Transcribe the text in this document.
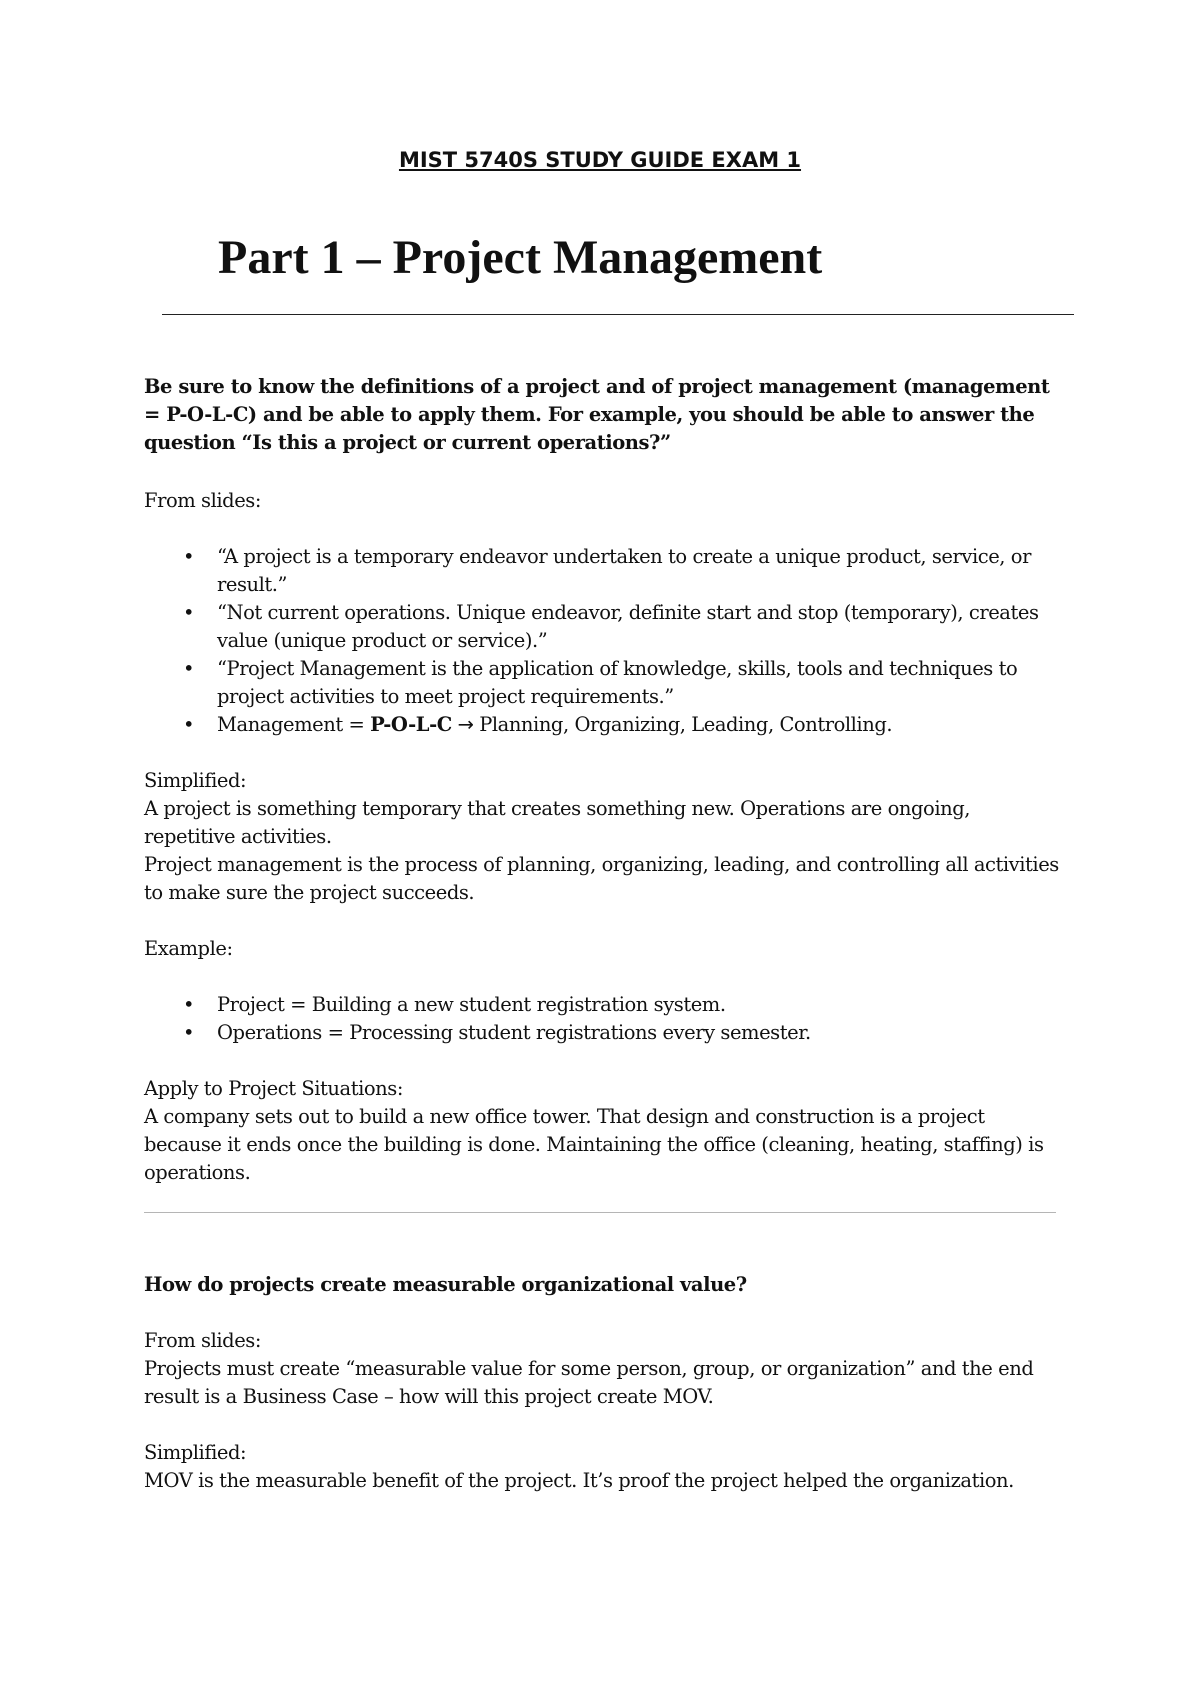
MIST 5740S STUDY GUIDE EXAM 1
Part 1 – Project Management
Be sure to know the definitions of a project and of project management (management = P-O-L-C) and be able to apply them. For example, you should be able to answer the question “Is this a project or current operations?”
From slides:
• “A project is a temporary endeavor undertaken to create a unique product, service, or result.”
• “Not current operations. Unique endeavor, definite start and stop (temporary), creates value (unique product or service).”
• “Project Management is the application of knowledge, skills, tools and techniques to project activities to meet project requirements.”
• Management = P-O-L-C → Planning, Organizing, Leading, Controlling.
Simplified:
A project is something temporary that creates something new. Operations are ongoing, repetitive activities.
Project management is the process of planning, organizing, leading, and controlling all activities to make sure the project succeeds.
Example:
• Project = Building a new student registration system.
• Operations = Processing student registrations every semester.
Apply to Project Situations:
A company sets out to build a new office tower. That design and construction is a project because it ends once the building is done. Maintaining the office (cleaning, heating, staffing) is operations.
How do projects create measurable organizational value?
From slides:
Projects must create “measurable value for some person, group, or organization” and the end result is a Business Case – how will this project create MOV.
Simplified:
MOV is the measurable benefit of the project. It’s proof the project helped the organization.
